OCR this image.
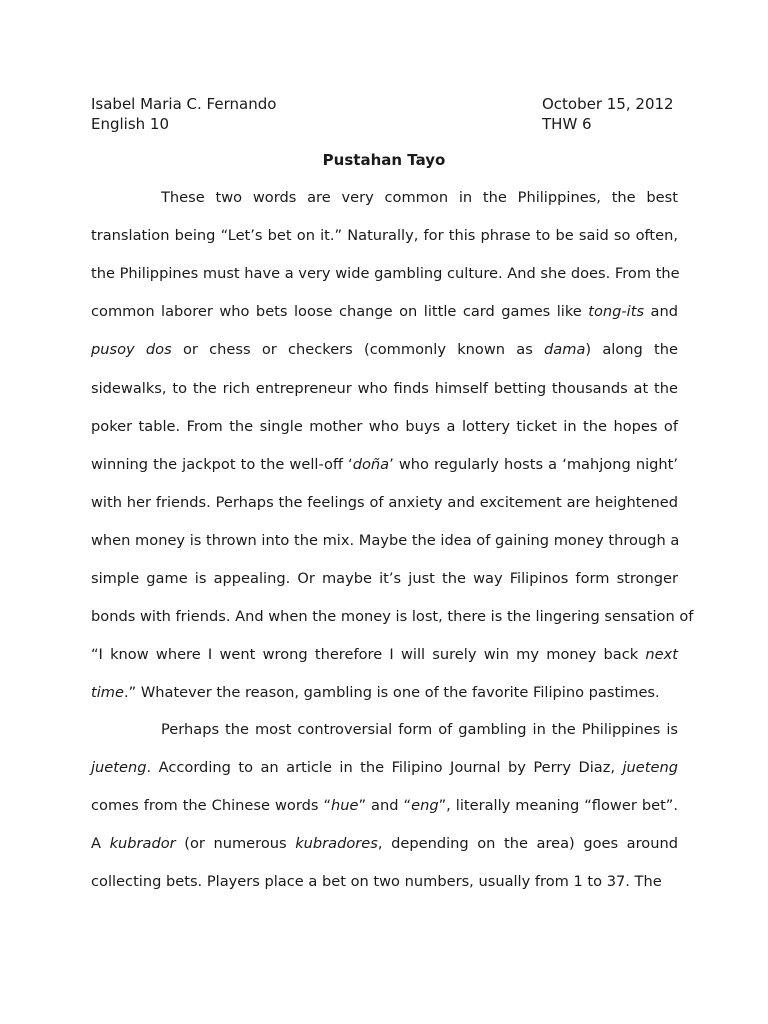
Isabel Maria C. Fernando
English 10
October 15, 2012
THW 6
Pustahan Tayo
These two words are very common in the Philippines, the best
translation being “Let’s bet on it.” Naturally, for this phrase to be said so often,
the Philippines must have a very wide gambling culture. And she does. From the
common laborer who bets loose change on little card games like tong-its and
pusoy dos or chess or checkers (commonly known as dama) along the
sidewalks, to the rich entrepreneur who finds himself betting thousands at the
poker table. From the single mother who buys a lottery ticket in the hopes of
winning the jackpot to the well-off ‘doña’ who regularly hosts a ‘mahjong night’
with her friends. Perhaps the feelings of anxiety and excitement are heightened
when money is thrown into the mix. Maybe the idea of gaining money through a
simple game is appealing. Or maybe it’s just the way Filipinos form stronger
bonds with friends. And when the money is lost, there is the lingering sensation of
“I know where I went wrong therefore I will surely win my money back next
time.” Whatever the reason, gambling is one of the favorite Filipino pastimes.
Perhaps the most controversial form of gambling in the Philippines is
jueteng. According to an article in the Filipino Journal by Perry Diaz, jueteng
comes from the Chinese words “hue” and “eng”, literally meaning “flower bet”.
A kubrador (or numerous kubradores, depending on the area) goes around
collecting bets. Players place a bet on two numbers, usually from 1 to 37. The
